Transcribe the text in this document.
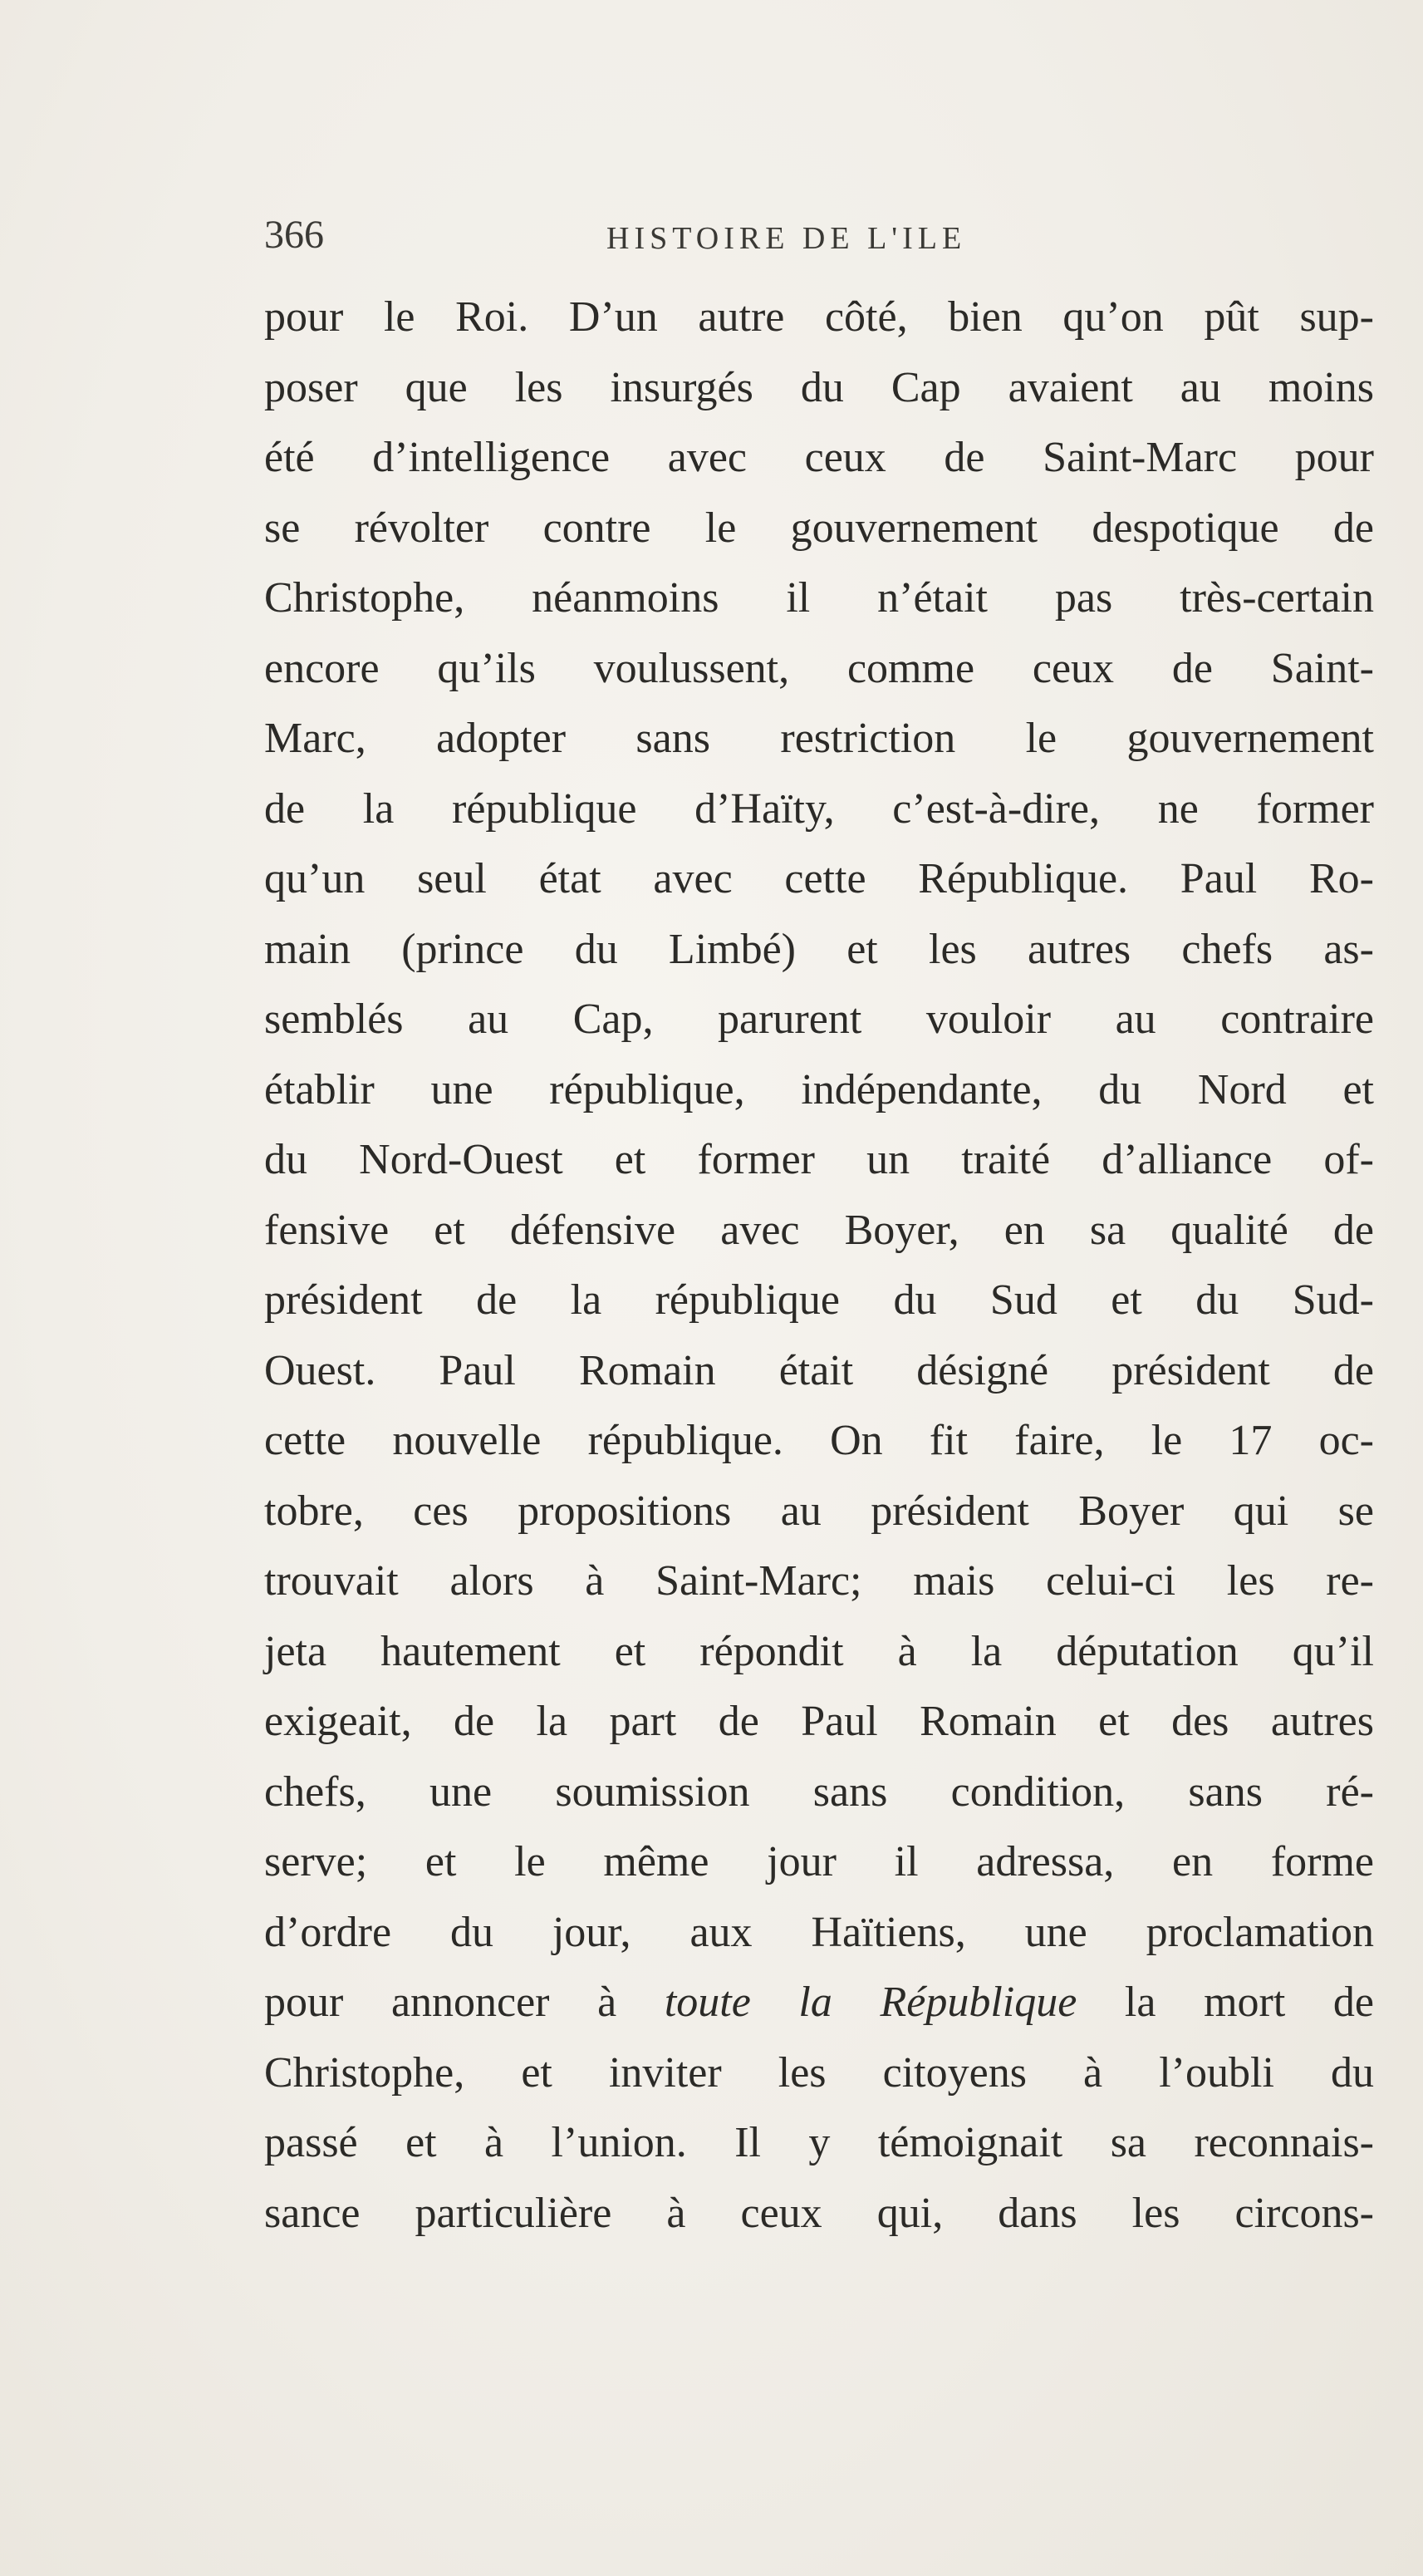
366	HISTOIRE DE L'ILE
pour le Roi. D’un autre côté, bien qu’on pût sup-
poser que les insurgés du Cap avaient au moins
été d’intelligence avec ceux de Saint-Marc pour
se révolter contre le gouvernement despotique de
Christophe, néanmoins il n’était pas très-certain
encore qu’ils voulussent, comme ceux de Saint-
Marc, adopter sans restriction le gouvernement
de la république d’Haïty, c’est-à-dire, ne former
qu’un seul état avec cette République. Paul Ro-
main (prince du Limbé) et les autres chefs as-
semblés au Cap, parurent vouloir au contraire
établir une république, indépendante, du Nord et
du Nord-Ouest et former un traité d’alliance of-
fensive et défensive avec Boyer, en sa qualité de
président de la république du Sud et du Sud-
Ouest. Paul Romain était désigné président de
cette nouvelle république. On fit faire, le 17 oc-
tobre, ces propositions au président Boyer qui se
trouvait alors à Saint-Marc; mais celui-ci les re-
jeta hautement et répondit à la députation qu’il
exigeait, de la part de Paul Romain et des autres
chefs, une soumission sans condition, sans ré-
serve; et le même jour il adressa, en forme
d’ordre du jour, aux Haïtiens, une proclamation
pour annoncer à toute la République la mort de
Christophe, et inviter les citoyens à l’oubli du
passé et à l’union. Il y témoignait sa reconnais-
sance particulière à ceux qui, dans les circons-
